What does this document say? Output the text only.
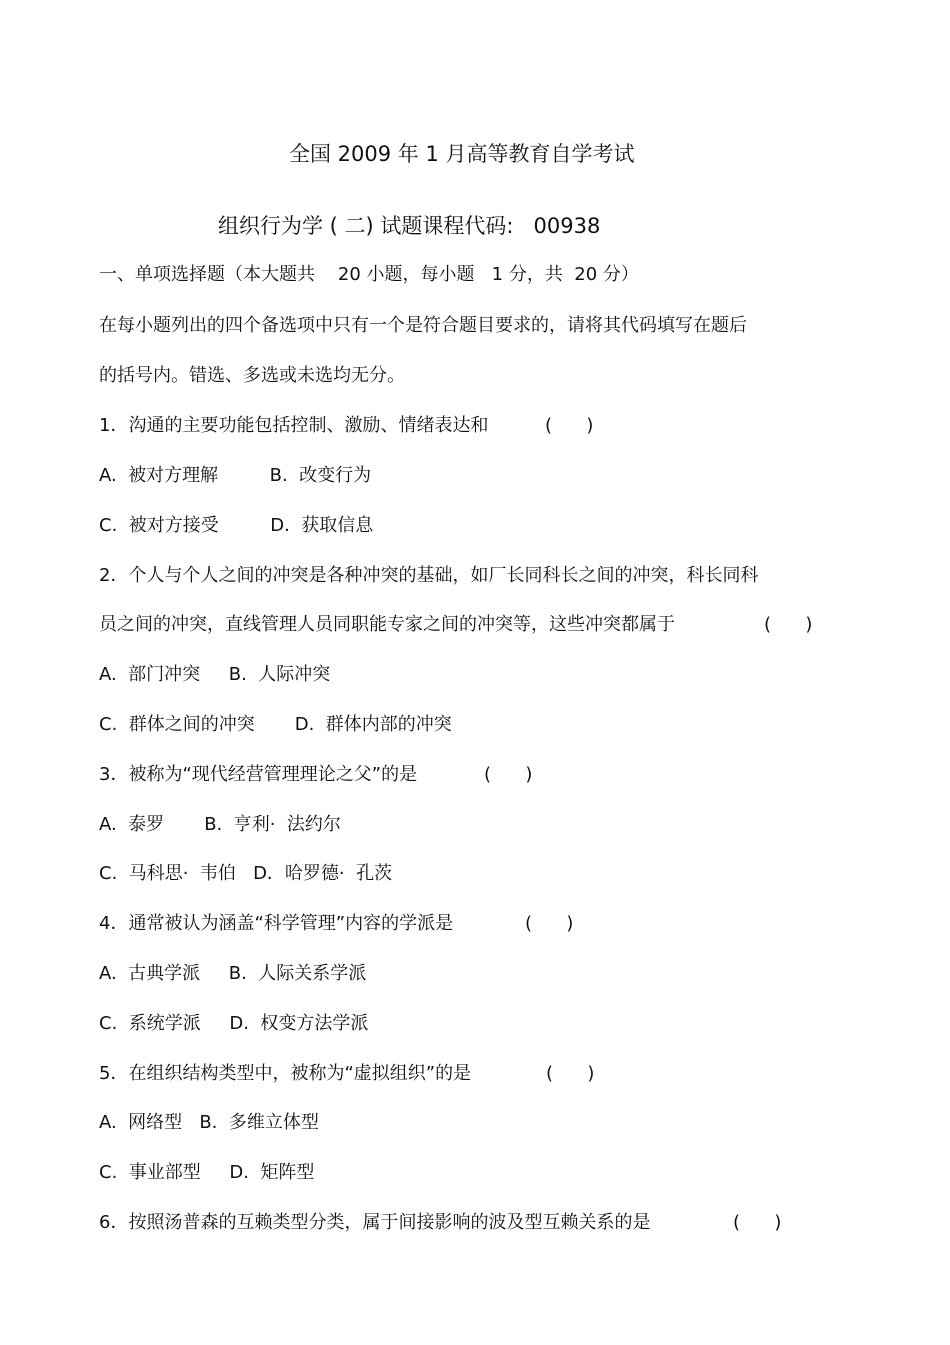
全国 2009 年 1 月高等教育自学考试
组织行为学 ( 二) 试题课程代码:   00938
一、单项选择题（本大题共    20 小题，每小题   1 分，共  20 分）
在每小题列出的四个备选项中只有一个是符合题目要求的，请将其代码填写在题后
的括号内。错选、多选或未选均无分。
1．沟通的主要功能包括控制、激励、情绪表达和	(      )
A.  被对方理解         B.  改变行为
C.  被对方接受         D.  获取信息
2．个人与个人之间的冲突是各种冲突的基础，如厂长同科长之间的冲突，科长同科
员之间的冲突，直线管理人员同职能专家之间的冲突等，这些冲突都属于	(      )
A.  部门冲突     B.  人际冲突
C.  群体之间的冲突       D.  群体内部的冲突
3．被称为“现代经营管理理论之父”的是	(      )
A.  泰罗       B.  亨利·  法约尔
C.  马科思·  韦伯   D．哈罗德·  孔茨
4．通常被认为涵盖“科学管理”内容的学派是	(      )
A.  古典学派     B.  人际关系学派
C.  系统学派     D.  权变方法学派
5．在组织结构类型中，被称为“虚拟组织”的是	(      )
A.  网络型   B.  多维立体型
C.  事业部型     D.  矩阵型
6．按照汤普森的互赖类型分类，属于间接影响的波及型互赖关系的是	(      )
